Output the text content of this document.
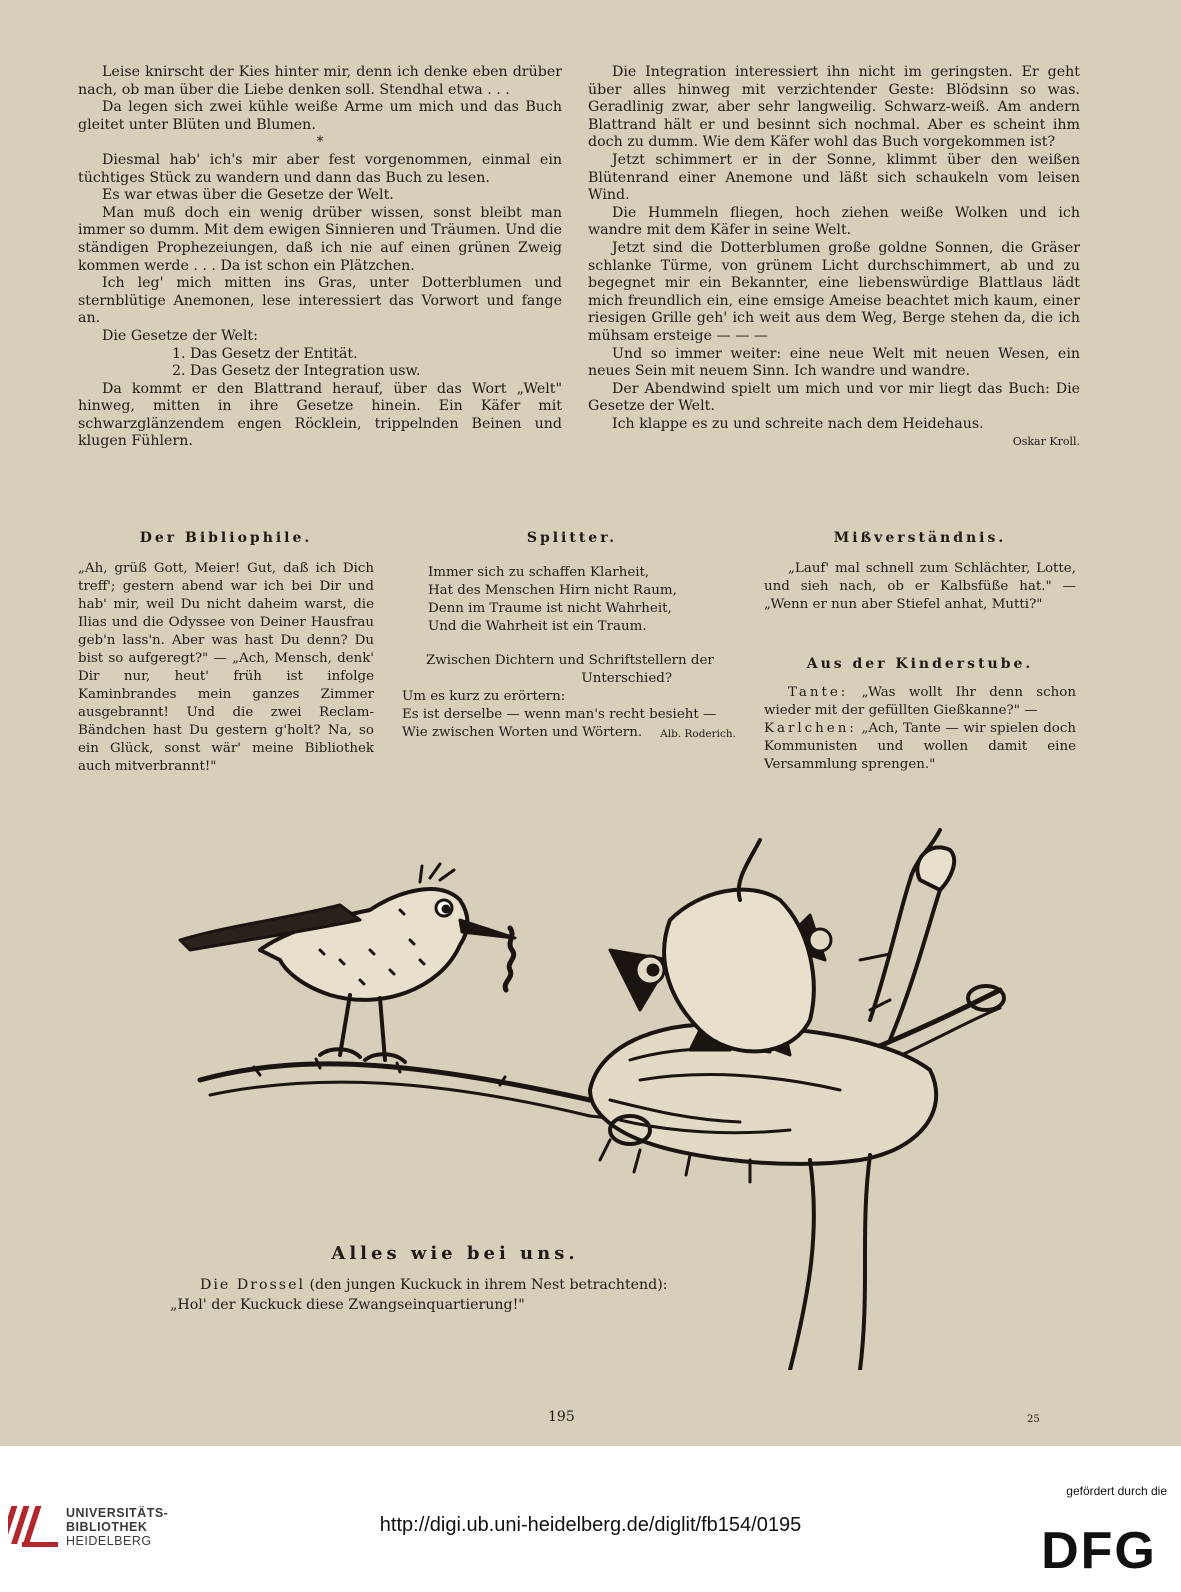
Leise knirscht der Kies hinter mir, denn ich denke eben drüber nach, ob man über die Liebe denken soll. Stendhal etwa . . .

Da legen sich zwei kühle weiße Arme um mich und das Buch gleitet unter Blüten und Blumen.

*

Diesmal hab' ich's mir aber fest vorgenommen, einmal ein tüchtiges Stück zu wandern und dann das Buch zu lesen.

Es war etwas über die Gesetze der Welt.

Man muß doch ein wenig drüber wissen, sonst bleibt man immer so dumm. Mit dem ewigen Sinnieren und Träumen. Und die ständigen Prophezeiungen, daß ich nie auf einen grünen Zweig kommen werde . . . Da ist schon ein Plätzchen.

Ich leg' mich mitten ins Gras, unter Dotterblumen und sternblütige Anemonen, lese interessiert das Vorwort und fange an.

Die Gesetze der Welt:

1. Das Gesetz der Entität.

2. Das Gesetz der Integration usw.

Da kommt er den Blattrand herauf, über das Wort „Welt" hinweg, mitten in ihre Gesetze hinein. Ein Käfer mit schwarzglänzendem engen Röcklein, trippelnden Beinen und klugen Fühlern.

Die Integration interessiert ihn nicht im geringsten. Er geht über alles hinweg mit verzichtender Geste: Blödsinn so was. Geradlinig zwar, aber sehr langweilig. Schwarz-weiß. Am andern Blattrand hält er und besinnt sich nochmal. Aber es scheint ihm doch zu dumm. Wie dem Käfer wohl das Buch vorgekommen ist?

Jetzt schimmert er in der Sonne, klimmt über den weißen Blütenrand einer Anemone und läßt sich schaukeln vom leisen Wind.

Die Hummeln fliegen, hoch ziehen weiße Wolken und ich wandre mit dem Käfer in seine Welt.

Jetzt sind die Dotterblumen große goldne Sonnen, die Gräser schlanke Türme, von grünem Licht durchschimmert, ab und zu begegnet mir ein Bekannter, eine liebenswürdige Blattlaus lädt mich freundlich ein, eine emsige Ameise beachtet mich kaum, einer riesigen Grille geh' ich weit aus dem Weg, Berge stehen da, die ich mühsam ersteige — — —

Und so immer weiter: eine neue Welt mit neuen Wesen, ein neues Sein mit neuem Sinn. Ich wandre und wandre.

Der Abendwind spielt um mich und vor mir liegt das Buch: Die Gesetze der Welt.

Ich klappe es zu und schreite nach dem Heidehaus.

Oskar Kroll.

Der Bibliophile.
„Ah, grüß Gott, Meier! Gut, daß ich Dich treff'; gestern abend war ich bei Dir und hab' mir, weil Du nicht daheim warst, die Ilias und die Odyssee von Deiner Hausfrau geb'n lass'n. Aber was hast Du denn? Du bist so aufgeregt?" — „Ach, Mensch, denk' Dir nur, heut' früh ist infolge Kaminbrandes mein ganzes Zimmer ausgebrannt! Und die zwei Reclam-Bändchen hast Du gestern g'holt? Na, so ein Glück, sonst wär' meine Bibliothek auch mitverbrannt!"
Splitter.

Immer sich zu schaffen Klarheit,

Hat des Menschen Hirn nicht Raum,

Denn im Traume ist nicht Wahrheit,

Und die Wahrheit ist ein Traum.

Zwischen Dichtern und Schriftstellern der

Unterschied?

Um es kurz zu erörtern:

Es ist derselbe — wenn man's recht besieht —

Wie zwischen Worten und Wörtern.	Alb. Roderich.
Mißverständnis.
„Lauf' mal schnell zum Schlächter, Lotte, und sieh nach, ob er Kalbsfüße hat." — „Wenn er nun aber Stiefel anhat, Mutti?"
Aus der Kinderstube.

Tante: „Was wollt Ihr denn schon wieder mit der gefüllten Gießkanne?" —

Karlchen: „Ach, Tante — wir spielen doch Kommunisten und wollen damit eine Versammlung sprengen."

Alles wie bei uns.

Die Drossel (den jungen Kuckuck in ihrem Nest betrachtend):

„Hol' der Kuckuck diese Zwangseinquartierung!"

195	25
UNIVERSITÄTS-
BIBLIOTHEK
HEIDELBERG
http://digi.ub.uni-heidelberg.de/diglit/fb154/0195
gefördert durch die
DFG
